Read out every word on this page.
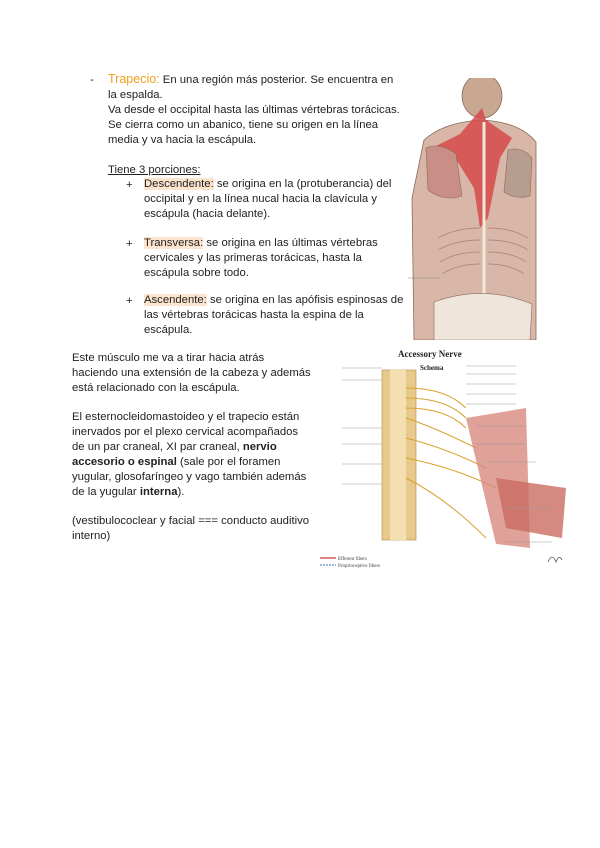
- Trapecio: En una región más posterior. Se encuentra en
la espalda.
Va desde el occipital hasta las últimas vértebras torácicas.
Se cierra como un abanico, tiene su origen en la línea
media y va hacia la escápula.
Tiene 3 porciones:
+ Descendente: se origina en la (protuberancia) del
occipital y en la línea nucal hacia la clavícula y
escápula (hacia delante).
+ Transversa: se origina en las últimas vértebras
cervicales y las primeras torácicas, hasta la
escápula sobre todo.
+ Ascendente: se origina en las apófisis espinosas de
las vértebras torácicas hasta la espina de la
escápula.
Este músculo me va a tirar hacia atrás
haciendo una extensión de la cabeza y además
está relacionado con la escápula.
El esternocleidomastoideo y el trapecio están
inervados por el plexo cervical acompañados
de un par craneal, XI par craneal, nervio
accesorio o espinal (sale por el foramen
yugular, glosofaríngeo y vago también además
de la yugular interna).
(vestibulococlear y facial === conducto auditivo
interno)
Accessory Nerve
Schema
Efferent fibers
Proprioceptive fibers
